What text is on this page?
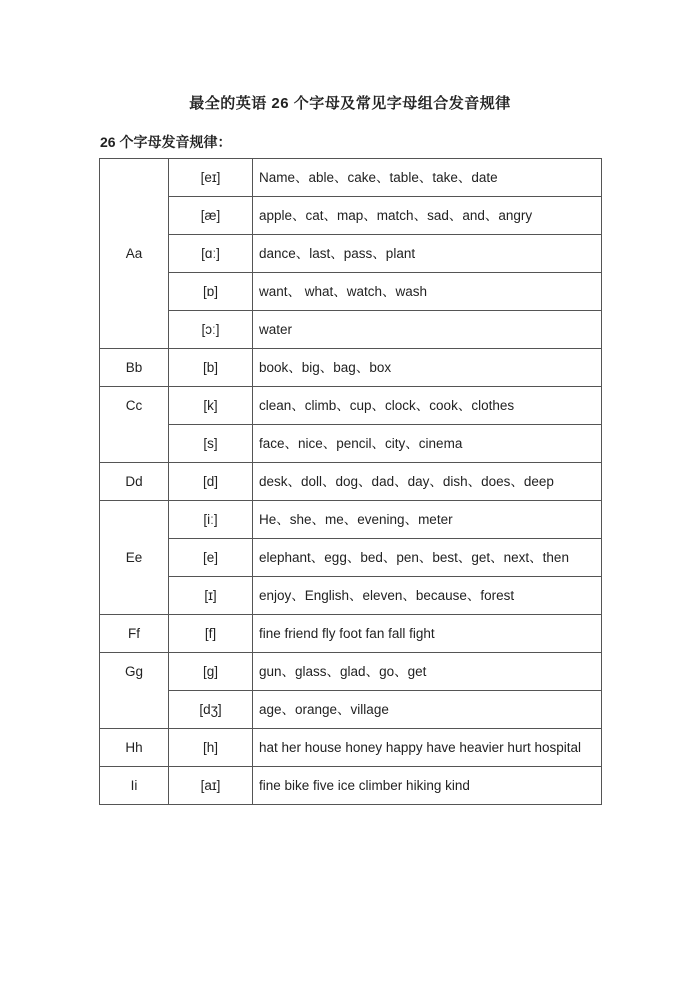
最全的英语 26 个字母及常见字母组合发音规律
26 个字母发音规律：
Aa	[eɪ]	Name、able、cake、table、take、date
	[æ]	apple、cat、map、match、sad、and、angry
	[ɑː]	dance、last、pass、plant
	[ɒ]	want、 what、watch、wash
	[ɔː]	water
Bb	[b]	book、big、bag、box
Cc	[k]	clean、climb、cup、clock、cook、clothes
	[s]	face、nice、pencil、city、cinema
Dd	[d]	desk、doll、dog、dad、day、dish、does、deep
Ee	[iː]	He、she、me、evening、meter
	[e]	elephant、egg、bed、pen、best、get、next、then
	[ɪ]	enjoy、English、eleven、because、forest
Ff	[f]	fine friend fly foot fan fall fight
Gg	[g]	gun、glass、glad、go、get
	[dʒ]	age、orange、village
Hh	[h]	hat her house honey happy have heavier hurt hospital
Ii	[aɪ]	fine bike five ice climber hiking kind
